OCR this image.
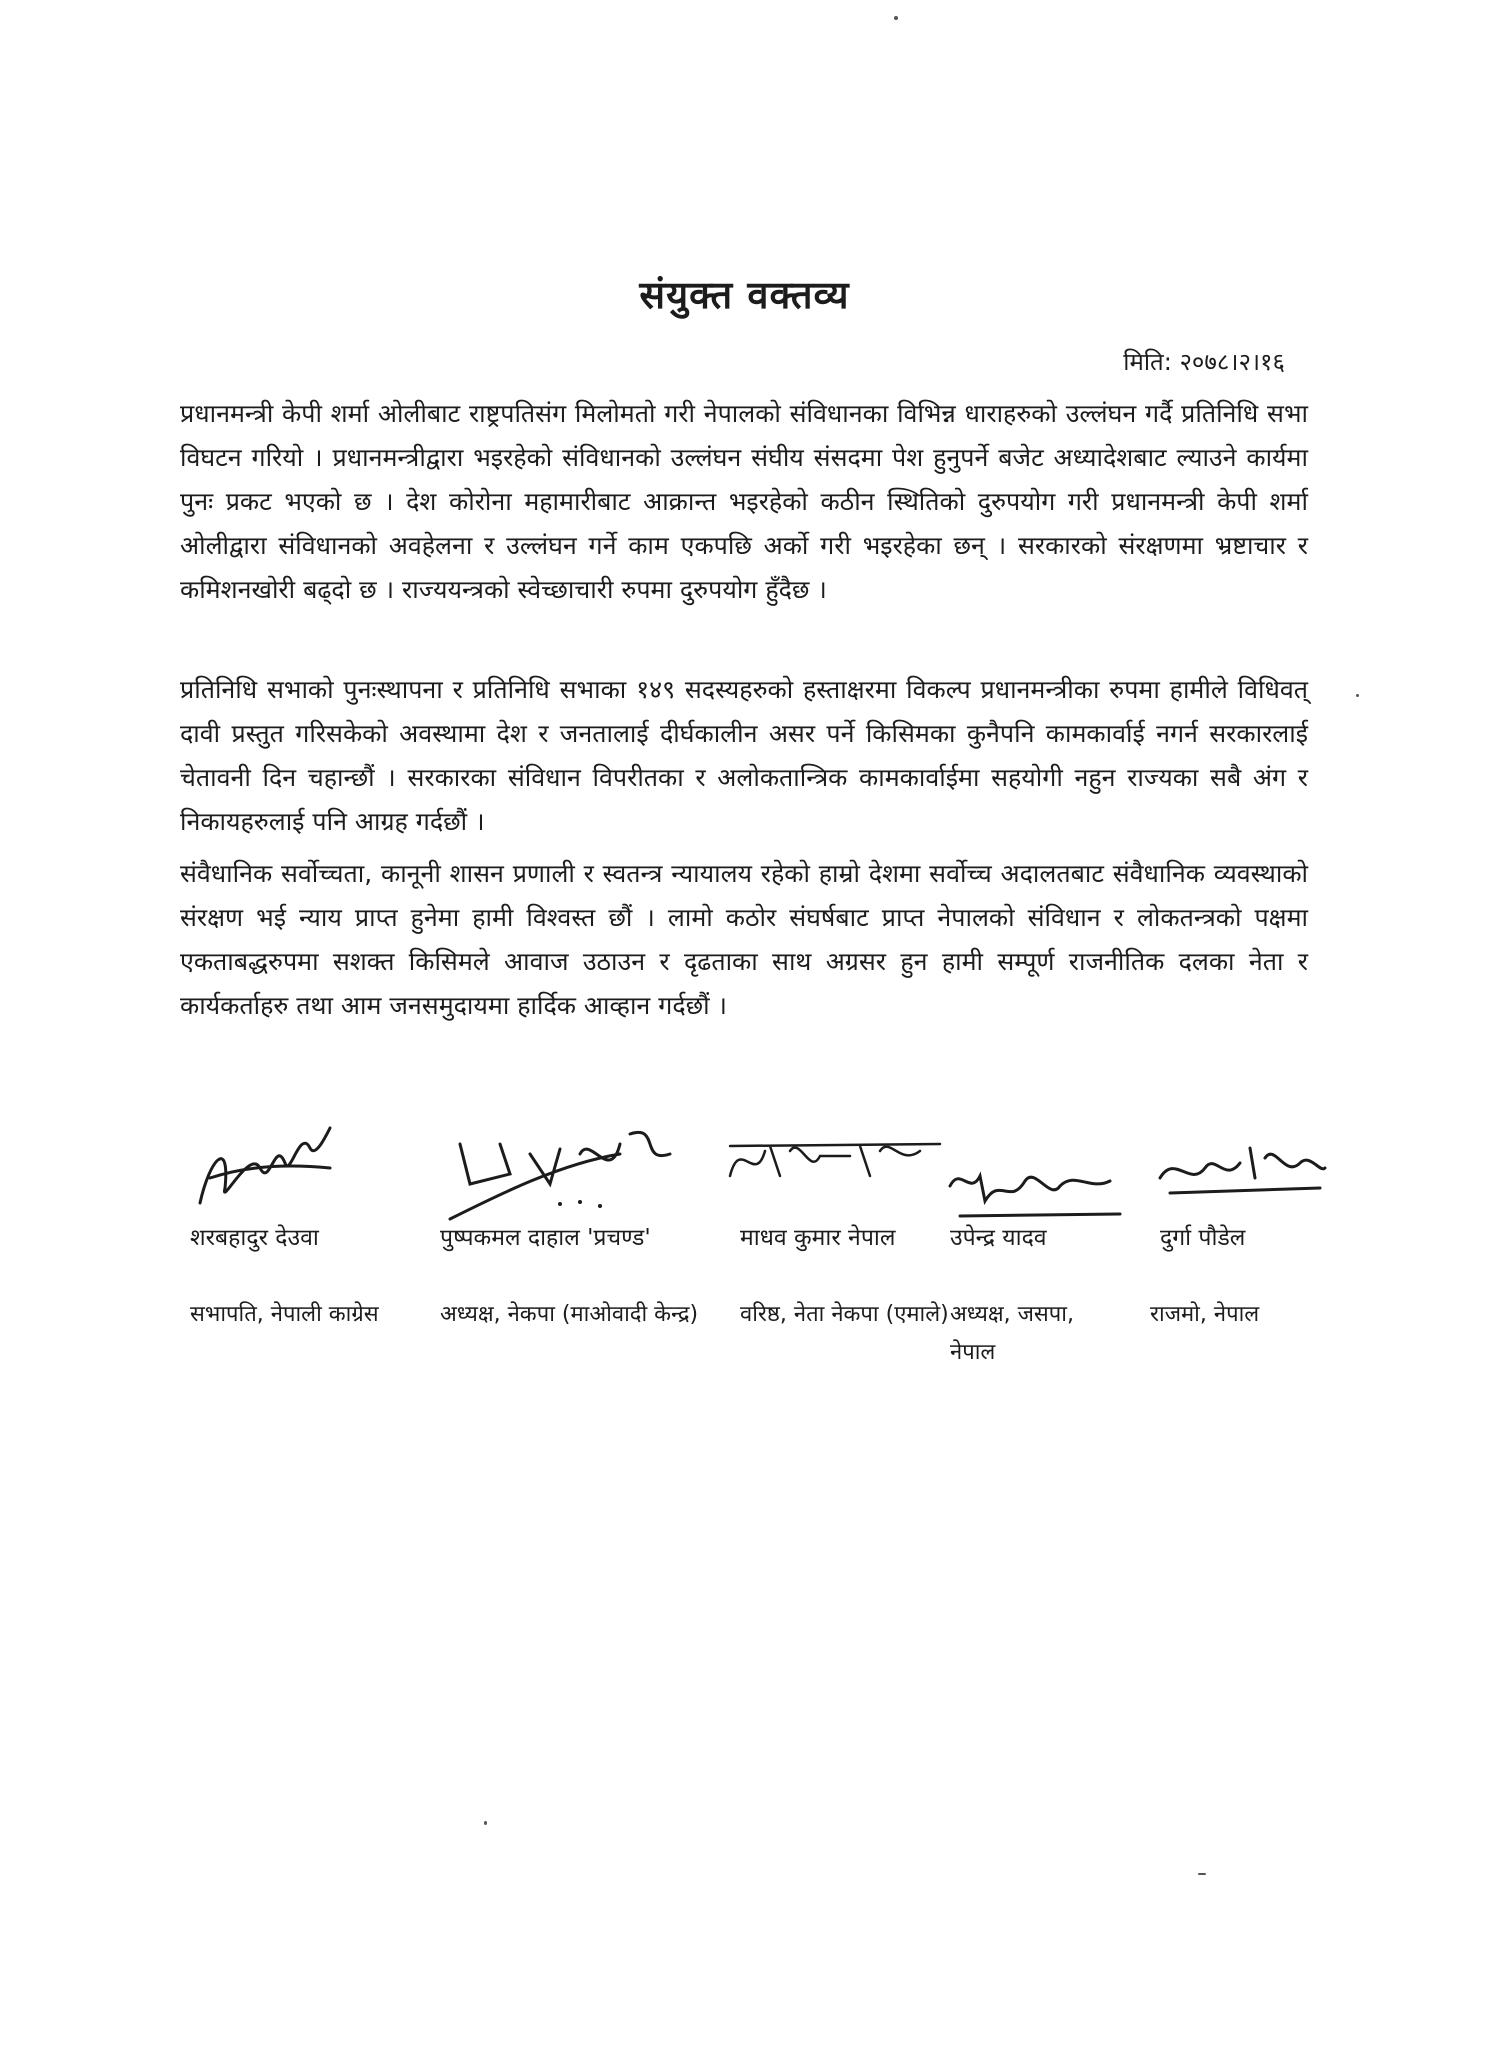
संयुक्त वक्तव्य
मिति: २०७८।२।१६

प्रधानमन्त्री केपी शर्मा ओलीबाट राष्ट्रपतिसंग मिलोमतो गरी नेपालको संविधानका विभिन्न धाराहरुको उल्लंघन गर्दै प्रतिनिधि सभा विघटन गरियो । प्रधानमन्त्रीद्वारा भइरहेको संविधानको उल्लंघन संघीय संसदमा पेश हुनुपर्ने बजेट अध्यादेशबाट ल्याउने कार्यमा पुनः प्रकट भएको छ । देश कोरोना महामारीबाट आक्रान्त भइरहेको कठीन स्थितिको दुरुपयोग गरी प्रधानमन्त्री केपी शर्मा ओलीद्वारा संविधानको अवहेलना र उल्लंघन गर्ने काम एकपछि अर्को गरी भइरहेका छन् । सरकारको संरक्षणमा भ्रष्टाचार र कमिशनखोरी बढ्दो छ । राज्ययन्त्रको स्वेच्छाचारी रुपमा दुरुपयोग हुँदैछ ।

प्रतिनिधि सभाको पुनःस्थापना र प्रतिनिधि सभाका १४९ सदस्यहरुको हस्ताक्षरमा विकल्प प्रधानमन्त्रीका रुपमा हामीले विधिवत् दावी प्रस्तुत गरिसकेको अवस्थामा देश र जनतालाई दीर्घकालीन असर पर्ने किसिमका कुनैपनि कामकार्वाई नगर्न सरकारलाई चेतावनी दिन चहान्छौं । सरकारका संविधान विपरीतका र अलोकतान्त्रिक कामकार्वाईमा सहयोगी नहुन राज्यका सबै अंग र निकायहरुलाई पनि आग्रह गर्दछौं ।

संवैधानिक सर्वोच्चता, कानूनी शासन प्रणाली र स्वतन्त्र न्यायालय रहेको हाम्रो देशमा सर्वोच्च अदालतबाट संवैधानिक व्यवस्थाको संरक्षण भई न्याय प्राप्त हुनेमा हामी विश्वस्त छौं । लामो कठोर संघर्षबाट प्राप्त नेपालको संविधान र लोकतन्त्रको पक्षमा एकताबद्धरुपमा सशक्त किसिमले आवाज उठाउन र दृढताका साथ अग्रसर हुन हामी सम्पूर्ण राजनीतिक दलका नेता र कार्यकर्ताहरु तथा आम जनसमुदायमा हार्दिक आव्हान गर्दछौं ।

शरबहादुर देउवा
सभापति, नेपाली काग्रेस
पुष्पकमल दाहाल 'प्रचण्ड'
अध्यक्ष, नेकपा (माओवादी केन्द्र)
माधव कुमार नेपाल
वरिष्ठ, नेता नेकपा (एमाले)
उपेन्द्र यादव
अध्यक्ष, जसपा, नेपाल
दुर्गा पौडेल
राजमो, नेपाल
